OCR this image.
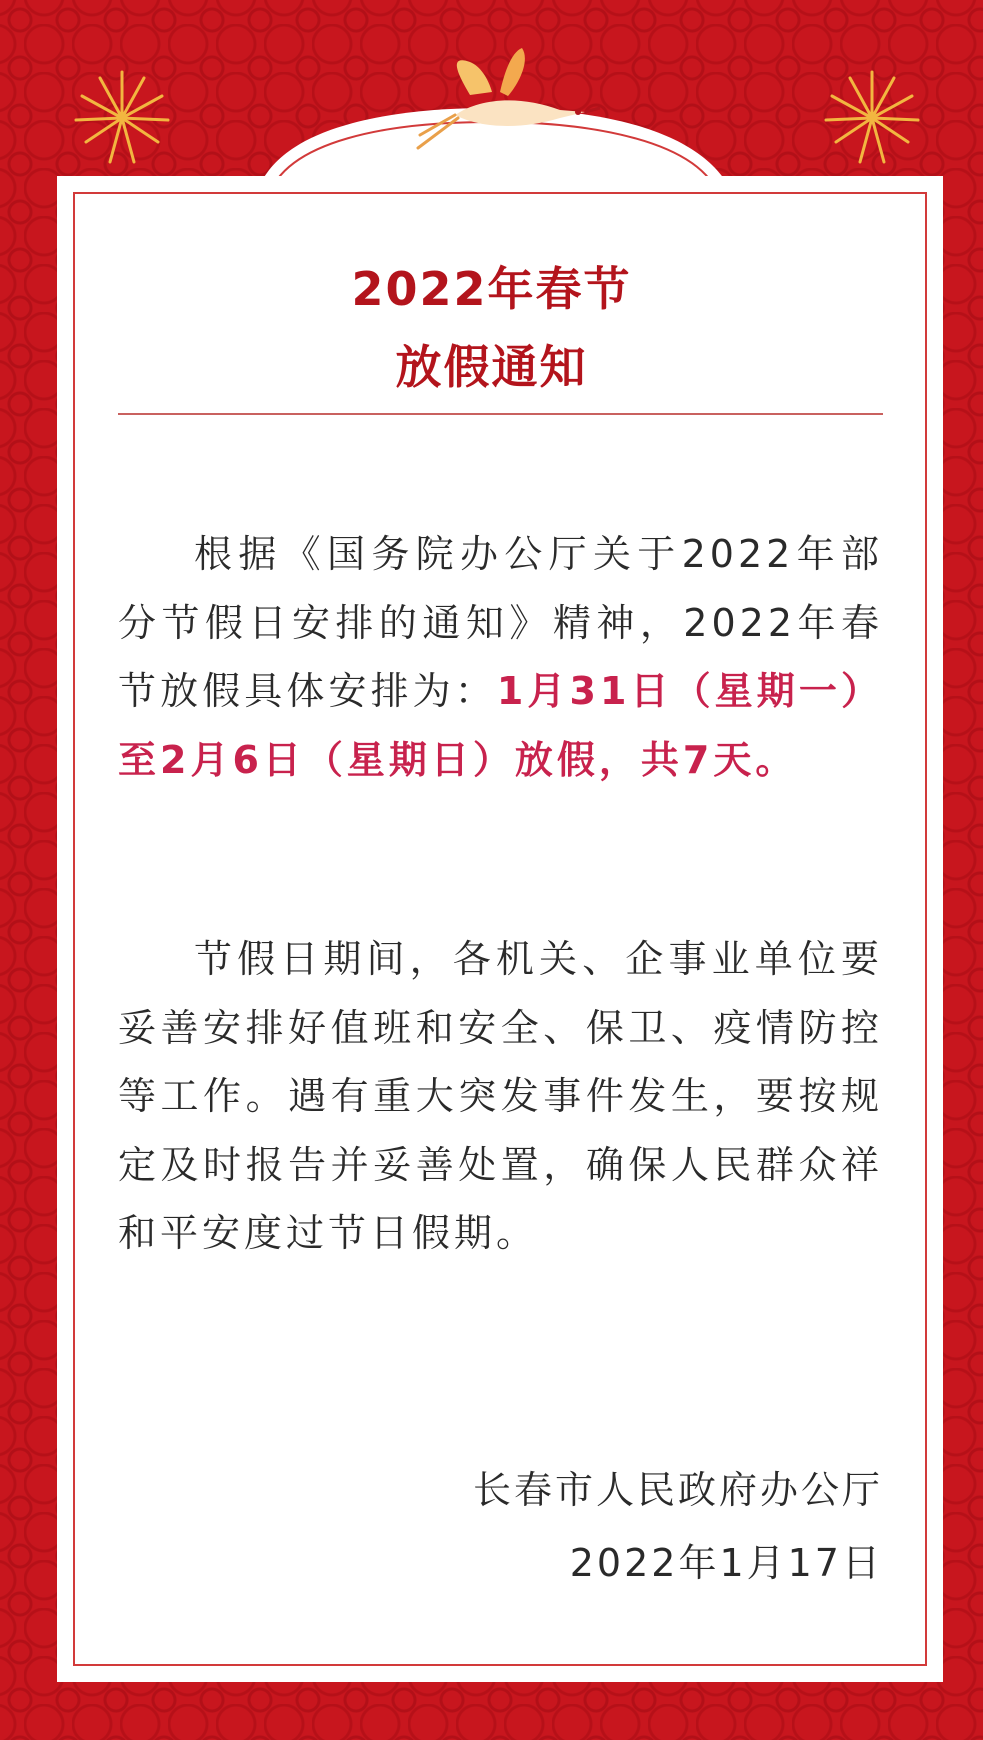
2022年春节
放假通知

根据《国务院办公厅关于2022年部分节假日安排的通知》精神，2022年春节放假具体安排为：1月31日（星期一）至2月6日（星期日）放假，共7天。

节假日期间，各机关、企事业单位要妥善安排好值班和安全、保卫、疫情防控等工作。遇有重大突发事件发生，要按规定及时报告并妥善处置，确保人民群众祥和平安度过节日假期。

长春市人民政府办公厅
2022年1月17日
